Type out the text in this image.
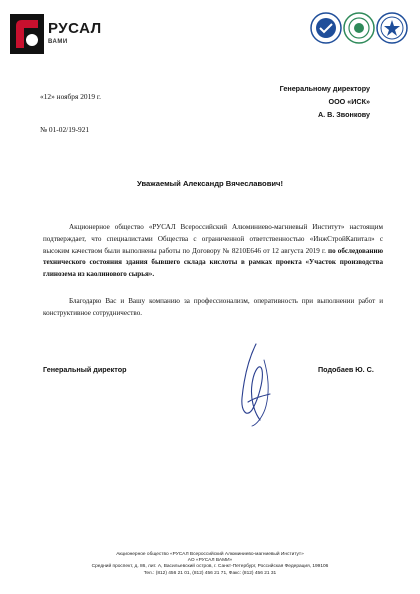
РУСАЛ
ВАМИ
Генеральному директору
ООО «ИСК»
А. В. Звонкову
«12» ноября 2019 г.
№ 01-02/19-921
Уважаемый Александр Вячеславович!
Акционерное общество «РУСАЛ Всероссийский Алюминиево-магниевый Институт» настоящим подтверждает, что специалистами Общества с ограниченной ответственностью «ИнжСтройКапитал» с высоким качеством были выполнены работы по Договору № 8210E646 от 12 августа 2019 г. по обследованию технического состояния здания бывшего склада кислоты в рамках проекта «Участок производства глинозема из каолинового сырья».
Благодарю Вас и Вашу компанию за профессионализм, оперативность при выполнении работ и конструктивное сотрудничество.
Генеральный директор	Подобаев Ю. С.
Акционерное общество «РУСАЛ Всероссийский Алюминиево-магниевый Институт»
АО «РУСАЛ ВАМИ»
Средний проспект, д. 86, лит. А, Васильевский остров, г. Санкт-Петербург, Российская Федерация, 199106
Тел.: (812) 456 21 01, (812) 456 21 71, Факс: (812) 456 21 31
